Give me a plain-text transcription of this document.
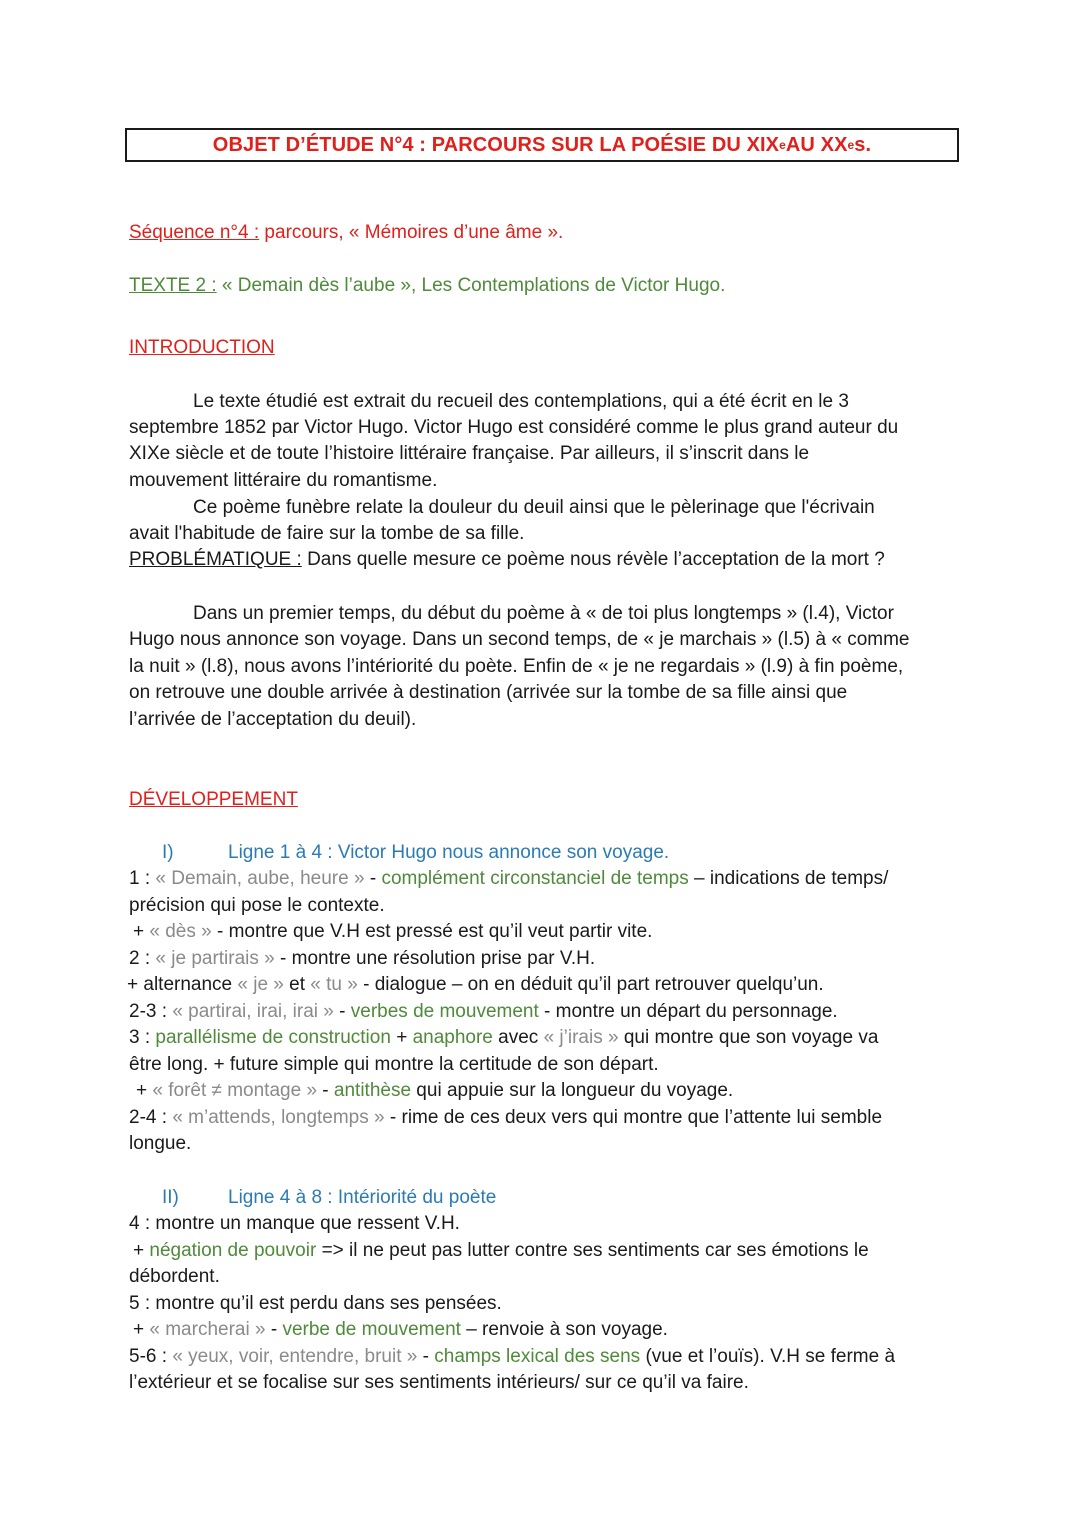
OBJET D’ÉTUDE N°4 : PARCOURS SUR LA POÉSIE DU XIX e AU XX e s.
Séquence n°4 : parcours, « Mémoires d’une âme ».
TEXTE 2 : « Demain dès l’aube », Les Contemplations de Victor Hugo.
INTRODUCTION
Le texte étudié est extrait du recueil des contemplations, qui a été écrit en le 3
septembre 1852 par Victor Hugo. Victor Hugo est considéré comme le plus grand auteur du
XIXe siècle et de toute l’histoire littéraire française. Par ailleurs, il s’inscrit dans le
mouvement littéraire du romantisme.
Ce poème funèbre relate la douleur du deuil ainsi que le pèlerinage que l'écrivain
avait l'habitude de faire sur la tombe de sa fille.
PROBLÉMATIQUE : Dans quelle mesure ce poème nous révèle l’acceptation de la mort ?
Dans un premier temps, du début du poème à « de toi plus longtemps » (l.4), Victor
Hugo nous annonce son voyage. Dans un second temps, de « je marchais » (l.5) à « comme
la nuit » (l.8), nous avons l’intériorité du poète. Enfin de « je ne regardais » (l.9) à fin poème,
on retrouve une double arrivée à destination (arrivée sur la tombe de sa fille ainsi que
l’arrivée de l’acceptation du deuil).
DÉVELOPPEMENT
I)	Ligne 1 à 4 : Victor Hugo nous annonce son voyage.
1 : « Demain, aube, heure » - complément circonstanciel de temps – indications de temps/
précision qui pose le contexte.
+ « dès » - montre que V.H est pressé est qu’il veut partir vite.
2 : « je partirais » - montre une résolution prise par V.H.
+ alternance « je » et « tu » - dialogue – on en déduit qu’il part retrouver quelqu’un.
2-3 : « partirai, irai, irai » - verbes de mouvement - montre un départ du personnage.
3 : parallélisme de construction + anaphore avec « j’irais » qui montre que son voyage va
être long. + future simple qui montre la certitude de son départ.
+ « forêt ≠ montage » - antithèse qui appuie sur la longueur du voyage.
2-4 : « m’attends, longtemps » - rime de ces deux vers qui montre que l’attente lui semble
longue.
II)	Ligne 4 à 8 : Intériorité du poète
4 : montre un manque que ressent V.H.
+ négation de pouvoir => il ne peut pas lutter contre ses sentiments car ses émotions le
débordent.
5 : montre qu’il est perdu dans ses pensées.
+ « marcherai » - verbe de mouvement – renvoie à son voyage.
5-6 : « yeux, voir, entendre, bruit » - champs lexical des sens (vue et l’ouïs). V.H se ferme à
l’extérieur et se focalise sur ses sentiments intérieurs/ sur ce qu’il va faire.
